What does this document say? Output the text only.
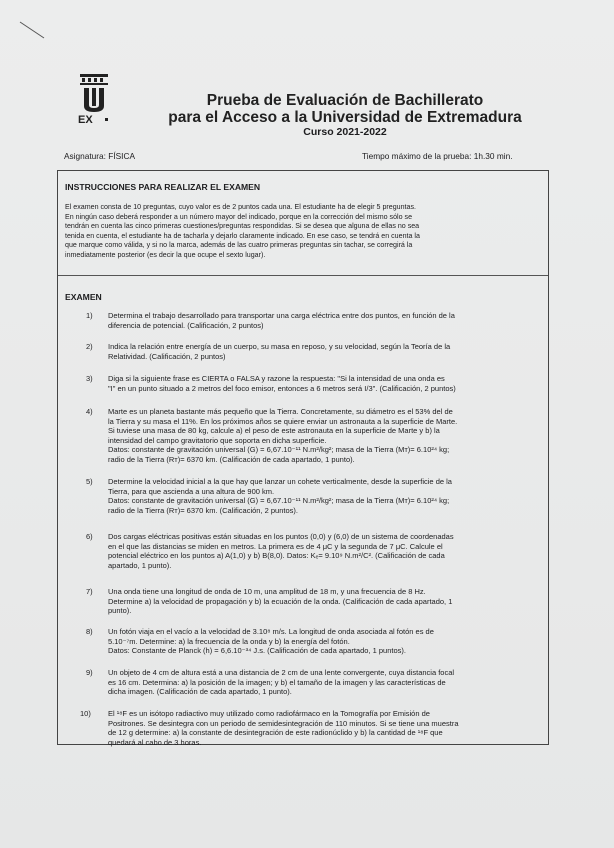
EX
Prueba de Evaluación de Bachillerato
para el Acceso a la Universidad de Extremadura
Curso 2021-2022
Asignatura: FÍSICA	Tiempo máximo de la prueba: 1h.30 min.
INSTRUCCIONES PARA REALIZAR EL EXAMEN
El examen consta de 10 preguntas, cuyo valor es de 2 puntos cada una. El estudiante ha de elegir 5 preguntas.
En ningún caso deberá responder a un número mayor del indicado, porque en la corrección del mismo sólo se
tendrán en cuenta las cinco primeras cuestiones/preguntas respondidas. Si se desea que alguna de ellas no sea
tenida en cuenta, el estudiante ha de tacharla y dejarlo claramente indicado. En ese caso, se tendrá en cuenta la
que marque como válida, y si no la marca, además de las cuatro primeras preguntas sin tachar, se corregirá la
inmediatamente posterior (es decir la que ocupe el sexto lugar).
EXAMEN
1)	Determina el trabajo desarrollado para transportar una carga eléctrica entre dos puntos, en función de la
diferencia de potencial. (Calificación, 2 puntos)
2)	Indica la relación entre energía de un cuerpo, su masa en reposo, y su velocidad, según la Teoría de la
Relatividad. (Calificación, 2 puntos)
3)	Diga si la siguiente frase es CIERTA o FALSA y razone la respuesta: "Si la intensidad de una onda es
"I" en un punto situado a 2 metros del foco emisor, entonces a 6 metros será I/3". (Calificación, 2 puntos)
4)	Marte es un planeta bastante más pequeño que la Tierra. Concretamente, su diámetro es el 53% del de
la Tierra y su masa el 11%. En los próximos años se quiere enviar un astronauta a la superficie de Marte.
Si tuviese una masa de 80 kg, calcule a) el peso de este astronauta en la superficie de Marte y b) la
intensidad del campo gravitatorio que soporta en dicha superficie.
Datos: constante de gravitación universal (G) = 6,67.10⁻¹¹ N.m²/kg²; masa de la Tierra (Mт)= 6.10²⁴ kg;
radio de la Tierra (Rт)= 6370 km. (Calificación de cada apartado, 1 punto).
5)	Determine la velocidad inicial a la que hay que lanzar un cohete verticalmente, desde la superficie de la
Tierra, para que ascienda a una altura de 900 km.
Datos: constante de gravitación universal (G) = 6,67.10⁻¹¹ N.m²/kg²; masa de la Tierra (Mт)= 6.10²⁴ kg;
radio de la Tierra (Rт)= 6370 km. (Calificación, 2 puntos).
6)	Dos cargas eléctricas positivas están situadas en los puntos (0,0) y (6,0) de un sistema de coordenadas
en el que las distancias se miden en metros. La primera es de 4 μC y la segunda de 7 μC. Calcule el
potencial eléctrico en los puntos a) A(1,0) y b) B(8,0). Datos: Kₑ= 9.10⁹ N.m²/C². (Calificación de cada
apartado, 1 punto).
7)	Una onda tiene una longitud de onda de 10 m, una amplitud de 18 m, y una frecuencia de 8 Hz.
Determine a) la velocidad de propagación y b) la ecuación de la onda. (Calificación de cada apartado, 1
punto).
8)	Un fotón viaja en el vacío a la velocidad de 3.10⁸ m/s. La longitud de onda asociada al fotón es de
5.10⁻⁷m. Determine: a) la frecuencia de la onda y b) la energía del fotón.
Datos: Constante de Planck (h) = 6,6.10⁻³⁴ J.s. (Calificación de cada apartado, 1 puntos).
9)	Un objeto de 4 cm de altura está a una distancia de 2 cm de una lente convergente, cuya distancia focal
es 16 cm. Determina: a) la posición de la imagen; y b) el tamaño de la imagen y las características de
dicha imagen. (Calificación de cada apartado, 1 punto).
10)	El ¹⁸F es un isótopo radiactivo muy utilizado como radiofármaco en la Tomografía por Emisión de
Positrones. Se desintegra con un periodo de semidesintegración de 110 minutos. Si se tiene una muestra
de 12 g determine: a) la constante de desintegración de este radionúclido y b) la cantidad de ¹⁸F que
quedará al cabo de 3 horas.
